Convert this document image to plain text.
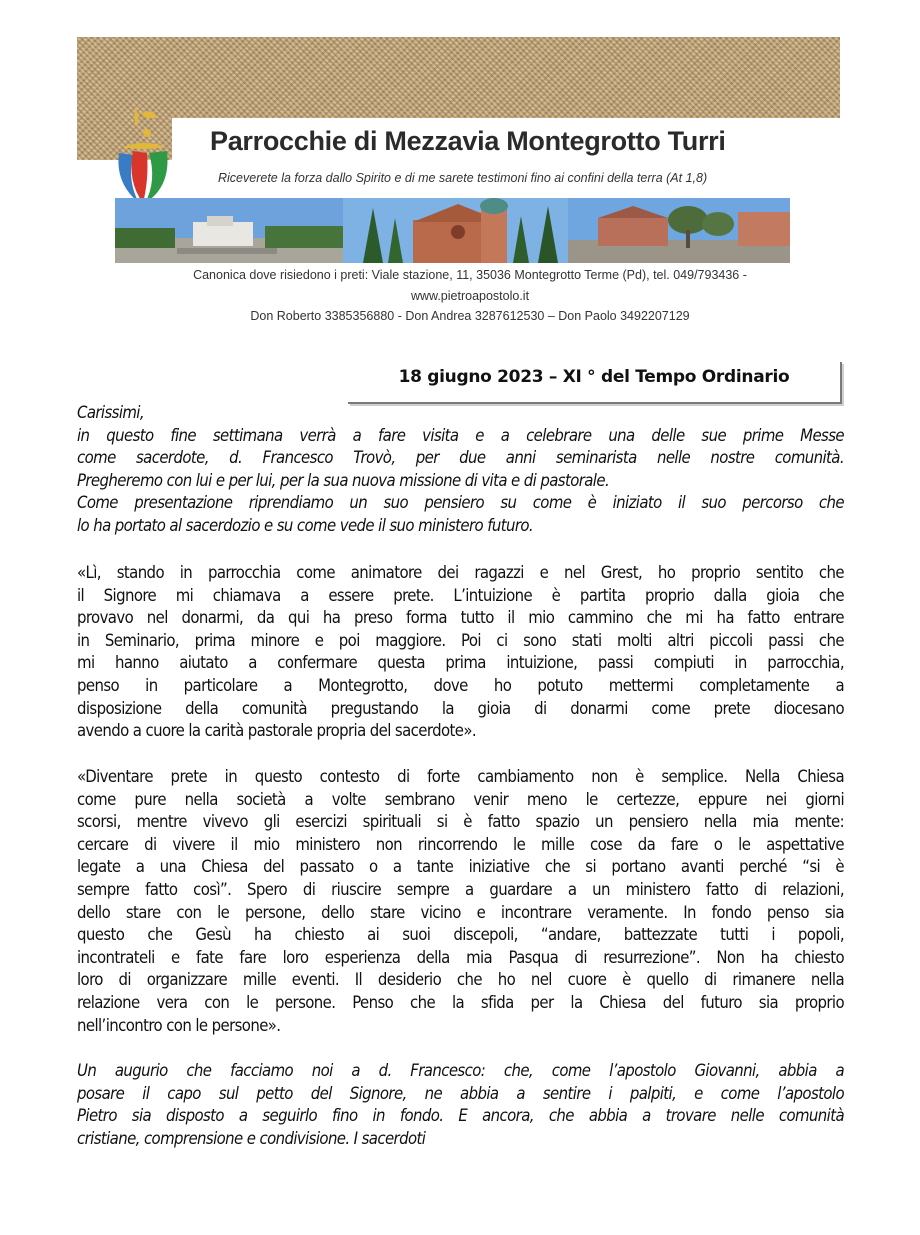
Parrocchie di Mezzavia Montegrotto Turri
Riceverete la forza dallo Spirito e di me sarete testimoni fino ai confini della terra (At 1,8)
Canonica dove risiedono i preti: Viale stazione, 11, 35036 Montegrotto Terme (Pd), tel. 049/793436 -
www.pietroapostolo.it
Don Roberto 3385356880 - Don Andrea 3287612530 – Don Paolo 3492207129
18 giugno 2023 – XI ° del Tempo Ordinario
Carissimi,
in questo fine settimana verrà a fare visita e a celebrare una delle sue prime Messe
come sacerdote, d. Francesco Trovò, per due anni seminarista nelle nostre comunità.
Pregheremo con lui e per lui, per la sua nuova missione di vita e di pastorale.
Come presentazione riprendiamo un suo pensiero su come è iniziato il suo percorso che
lo ha portato al sacerdozio e su come vede il suo ministero futuro.
«Lì, stando in parrocchia come animatore dei ragazzi e nel Grest, ho proprio sentito che
il Signore mi chiamava a essere prete. L’intuizione è partita proprio dalla gioia che
provavo nel donarmi, da qui ha preso forma tutto il mio cammino che mi ha fatto entrare
in Seminario, prima minore e poi maggiore. Poi ci sono stati molti altri piccoli passi che
mi hanno aiutato a confermare questa prima intuizione, passi compiuti in parrocchia,
penso in particolare a Montegrotto, dove ho potuto mettermi completamente a
disposizione della comunità pregustando la gioia di donarmi come prete diocesano
avendo a cuore la carità pastorale propria del sacerdote».
«Diventare prete in questo contesto di forte cambiamento non è semplice. Nella Chiesa
come pure nella società a volte sembrano venir meno le certezze, eppure nei giorni
scorsi, mentre vivevo gli esercizi spirituali si è fatto spazio un pensiero nella mia mente:
cercare di vivere il mio ministero non rincorrendo le mille cose da fare o le aspettative
legate a una Chiesa del passato o a tante iniziative che si portano avanti perché “si è
sempre fatto così”. Spero di riuscire sempre a guardare a un ministero fatto di relazioni,
dello stare con le persone, dello stare vicino e incontrare veramente. In fondo penso sia
questo che Gesù ha chiesto ai suoi discepoli, “andare, battezzate tutti i popoli,
incontrateli e fate fare loro esperienza della mia Pasqua di resurrezione”. Non ha chiesto
loro di organizzare mille eventi. Il desiderio che ho nel cuore è quello di rimanere nella
relazione vera con le persone. Penso che la sfida per la Chiesa del futuro sia proprio
nell’incontro con le persone».
Un augurio che facciamo noi a d. Francesco: che, come l’apostolo Giovanni, abbia a
posare il capo sul petto del Signore, ne abbia a sentire i palpiti, e come l’apostolo
Pietro sia disposto a seguirlo fino in fondo. E ancora, che abbia a trovare nelle comunità
cristiane, comprensione e condivisione. I sacerdoti
